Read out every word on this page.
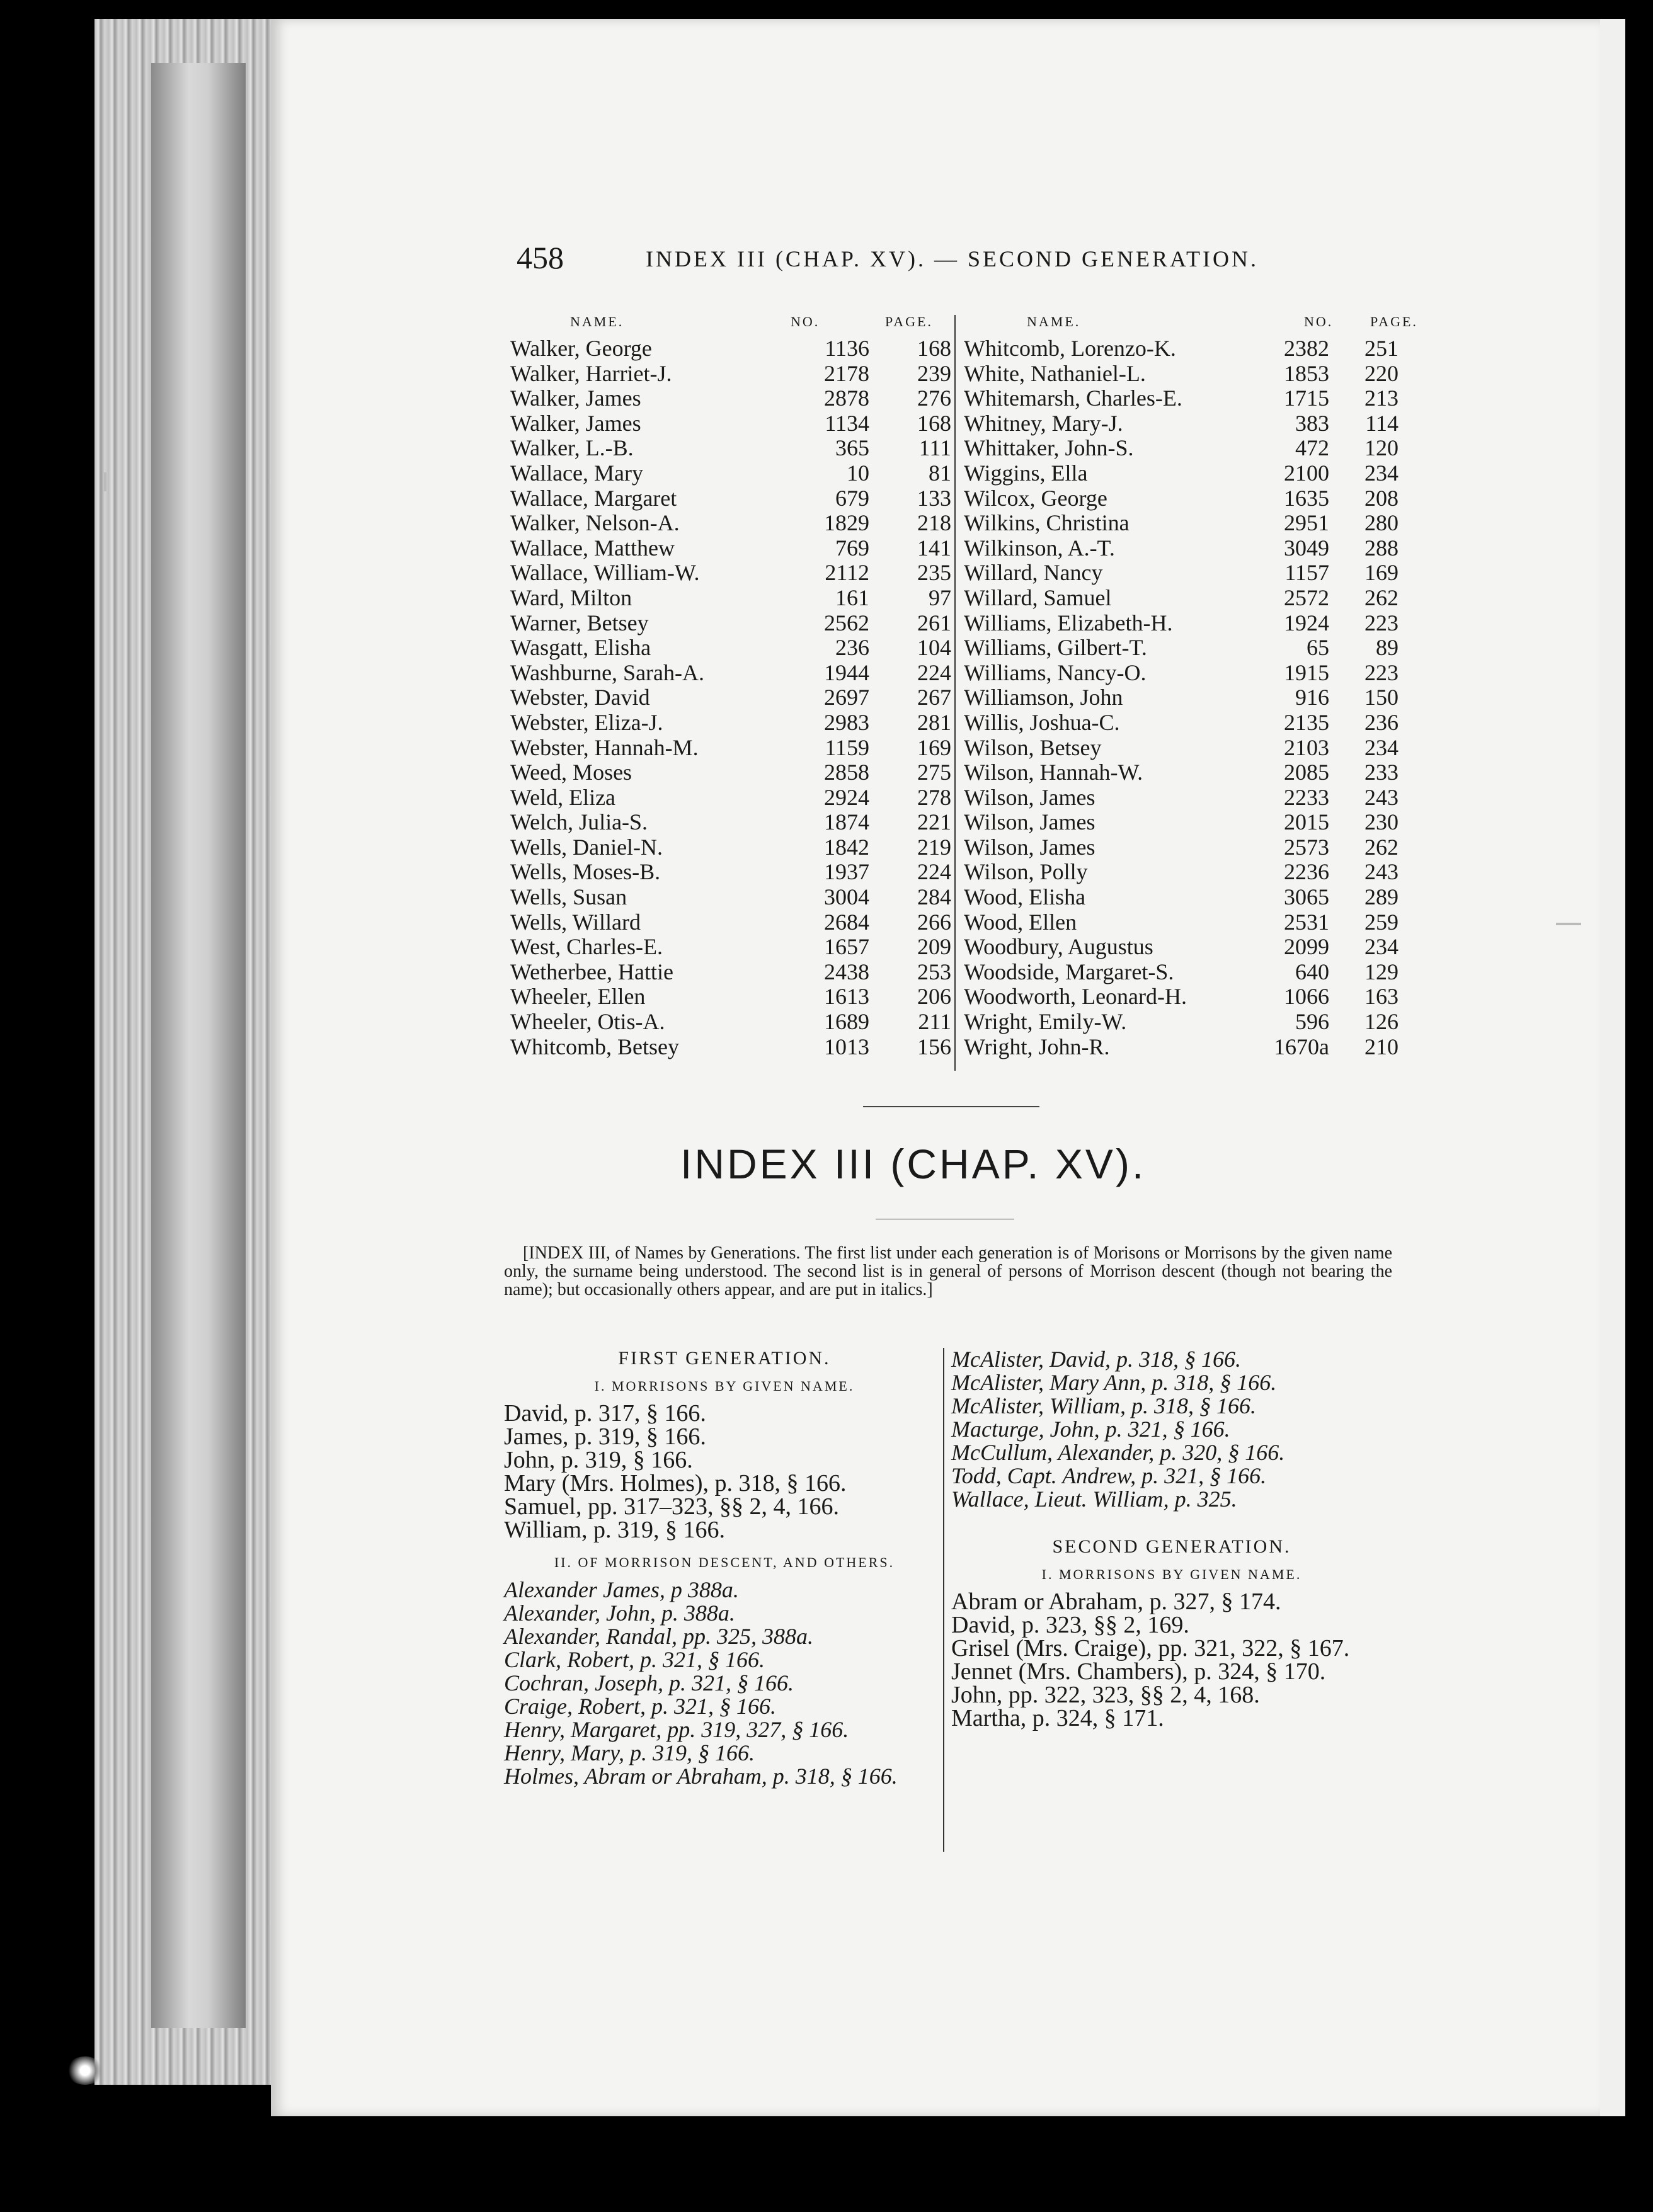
458	INDEX III (CHAP. XV). — SECOND GENERATION.
NAME.	NO.	PAGE.
Walker, George	1136 168
Walker, Harriet-J.	2178 239
Walker, James	2878 276
Walker, James	1134 168
Walker, L.-B.	365 111
Wallace, Mary	10	81
Wallace, Margaret	679 133
Walker, Nelson-A.	1829 218
Wallace, Matthew	769 141
Wallace, William-W.	2112 235
Ward, Milton	161	97
Warner, Betsey	2562 261
Wasgatt, Elisha	236 104
Washburne, Sarah-A.	1944 224
Webster, David	2697 267
Webster, Eliza-J.	2983 281
Webster, Hannah-M.	1159 169
Weed, Moses	2858 275
Weld, Eliza	2924 278
Welch, Julia-S.	1874 221
Wells, Daniel-N.	1842 219
Wells, Moses-B.	1937 224
Wells, Susan	3004 284
Wells, Willard	2684 266
West, Charles-E.	1657 209
Wetherbee, Hattie	2438 253
Wheeler, Ellen	1613 206
Wheeler, Otis-A.	1689 211
Whitcomb, Betsey	1013 156
NAME.	NO.	PAGE.
Whitcomb, Lorenzo-K.	2382 251
White, Nathaniel-L.	1853 220
Whitemarsh, Charles-E.	1715 213
Whitney, Mary-J.	383 114
Whittaker, John-S.	472 120
Wiggins, Ella	2100 234
Wilcox, George	1635 208
Wilkins, Christina	2951 280
Wilkinson, A.-T.	3049 288
Willard, Nancy	1157 169
Willard, Samuel	2572 262
Williams, Elizabeth-H.	1924 223
Williams, Gilbert-T.	65 89
Williams, Nancy-O.	1915 223
Williamson, John	916 150
Willis, Joshua-C.	2135 236
Wilson, Betsey	2103 234
Wilson, Hannah-W.	2085 233
Wilson, James	2233 243
Wilson, James	2015 230
Wilson, James	2573 262
Wilson, Polly	2236 243
Wood, Elisha	3065 289
Wood, Ellen	2531 259
Woodbury, Augustus	2099 234
Woodside, Margaret-S.	640 129
Woodworth, Leonard-H.	1066 163
Wright, Emily-W.	596 126
Wright, John-R.	1670a 210
INDEX III (CHAP. XV).

[INDEX III, of Names by Generations. The first list under each generation is of Morisons or Morrisons by the given name only, the surname being understood. The second list is in general of persons of Morrison descent (though not bearing the name); but occasionally others appear, and are put in italics.]

FIRST GENERATION.
I. MORRISONS BY GIVEN NAME.
David, p. 317, § 166.
James, p. 319, § 166.
John, p. 319, § 166.
Mary (Mrs. Holmes), p. 318, § 166.
Samuel, pp. 317–323, §§ 2, 4, 166.
William, p. 319, § 166.
II. OF MORRISON DESCENT, AND OTHERS.
Alexander James, p 388a.
Alexander, John, p. 388a.
Alexander, Randal, pp. 325, 388a.
Clark, Robert, p. 321, § 166.
Cochran, Joseph, p. 321, § 166.
Craige, Robert, p. 321, § 166.
Henry, Margaret, pp. 319, 327, § 166.
Henry, Mary, p. 319, § 166.
Holmes, Abram or Abraham, p. 318, § 166.
McAlister, David, p. 318, § 166.
McAlister, Mary Ann, p. 318, § 166.
McAlister, William, p. 318, § 166.
Macturge, John, p. 321, § 166.
McCullum, Alexander, p. 320, § 166.
Todd, Capt. Andrew, p. 321, § 166.
Wallace, Lieut. William, p. 325.
SECOND GENERATION.
I. MORRISONS BY GIVEN NAME.
Abram or Abraham, p. 327, § 174.
David, p. 323, §§ 2, 169.
Grisel (Mrs. Craige), pp. 321, 322, § 167.
Jennet (Mrs. Chambers), p. 324, § 170.
John, pp. 322, 323, §§ 2, 4, 168.
Martha, p. 324, § 171.
